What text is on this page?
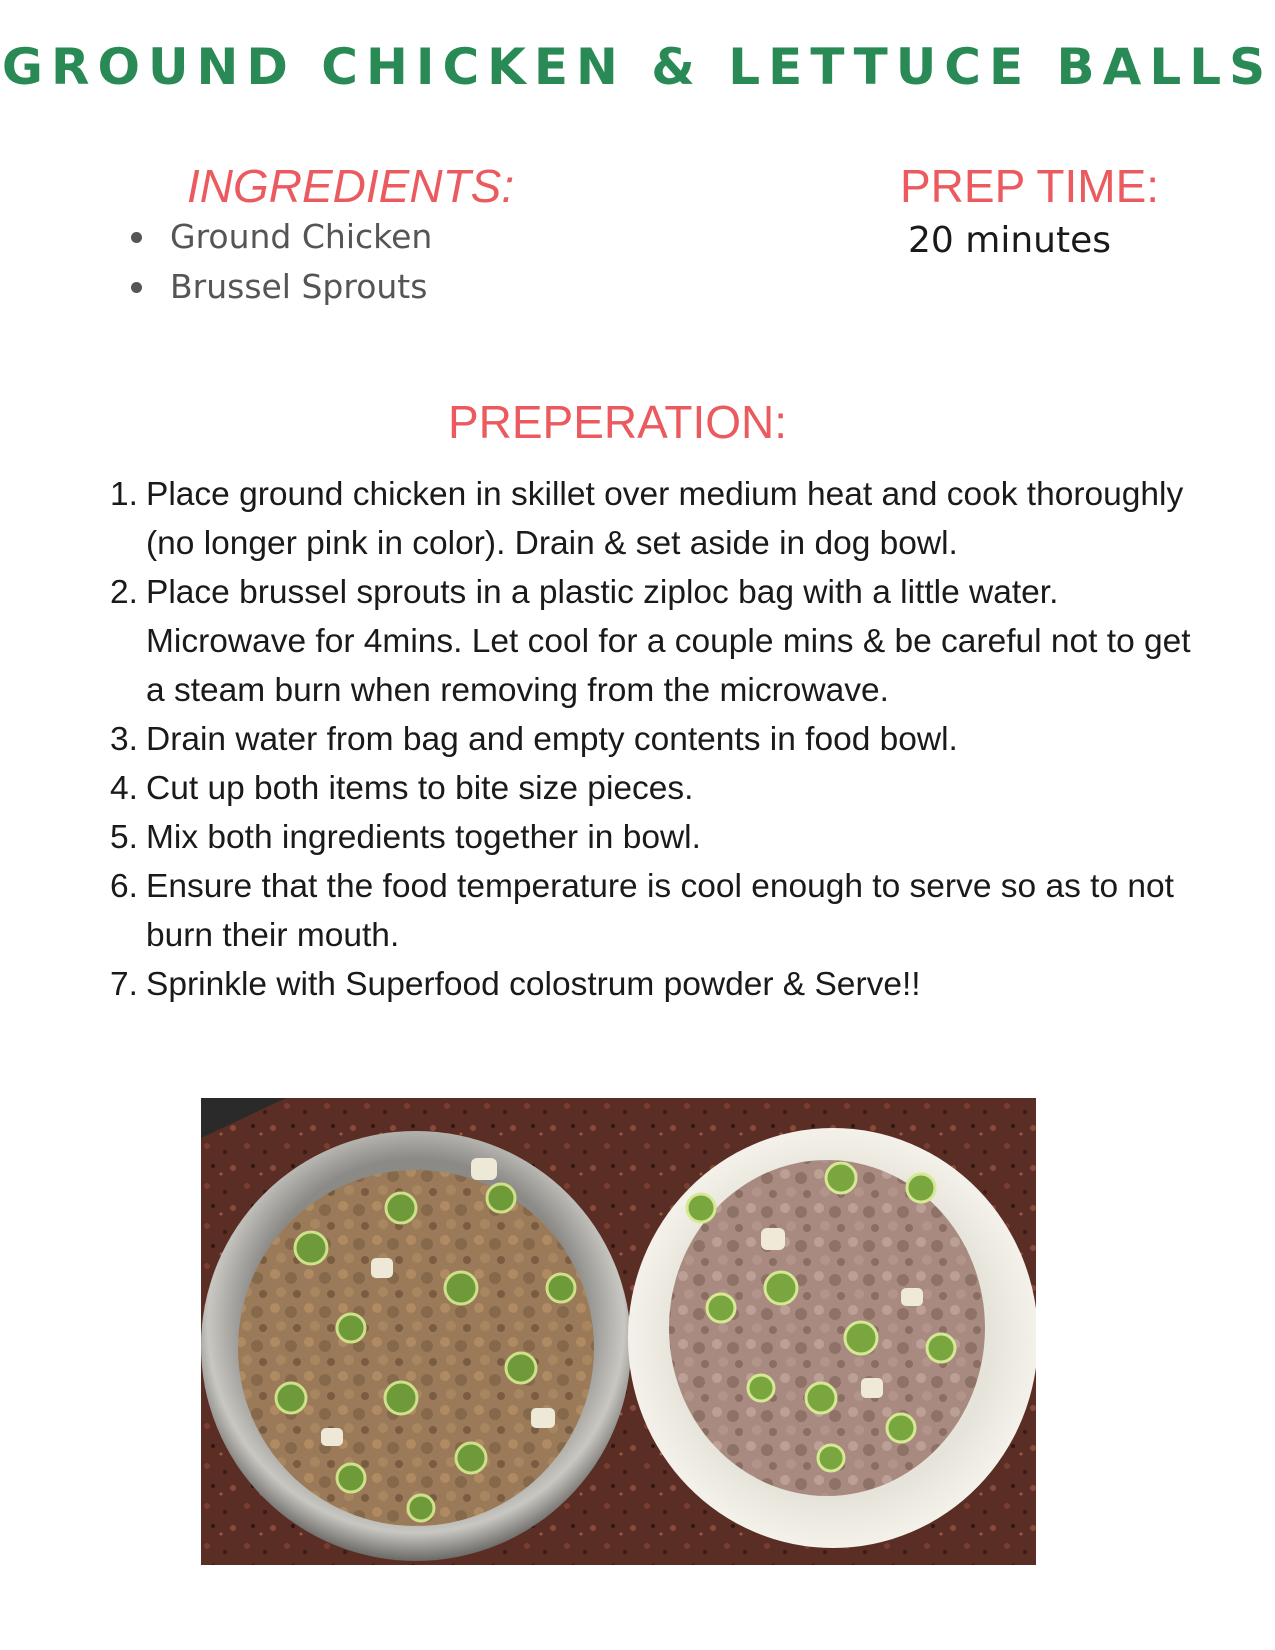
GROUND CHICKEN & LETTUCE BALLS
INGREDIENTS:
Ground Chicken
Brussel Sprouts
PREP TIME:
20 minutes
PREPERATION:
1. Place ground chicken in skillet over medium heat and cook thoroughly (no longer pink in color). Drain & set aside in dog bowl.
2. Place brussel sprouts in a plastic ziploc bag with a little water. Microwave for 4mins. Let cool for a couple mins & be careful not to get a steam burn when removing from the microwave.
3. Drain water from bag and empty contents in food bowl.
4. Cut up both items to bite size pieces.
5. Mix both ingredients together in bowl.
6. Ensure that the food temperature is cool enough to serve so as to not burn their mouth.
7. Sprinkle with Superfood colostrum powder & Serve!!
